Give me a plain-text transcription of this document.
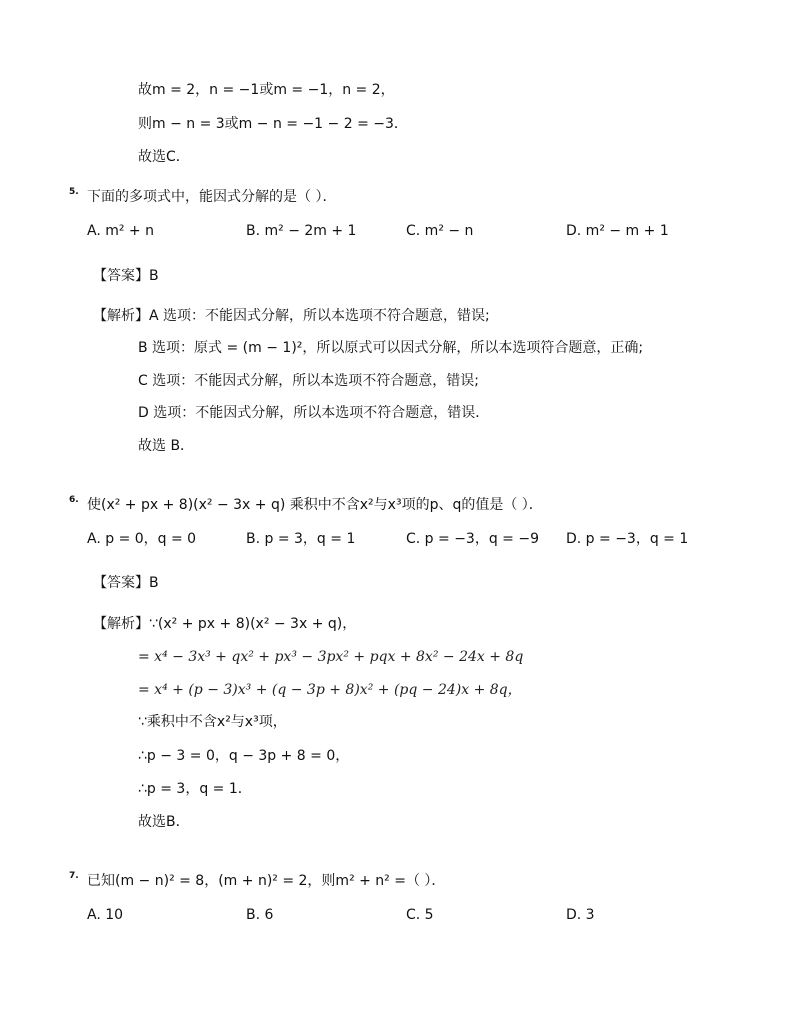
故m = 2，n = −1或m = −1，n = 2，
则m − n = 3或m − n = −1 − 2 = −3．
故选C．
5. 下面的多项式中，能因式分解的是（ ）．
A. m² + n	B. m² − 2m + 1	C. m² − n	D. m² − m + 1
【答案】B
【解析】A 选项：不能因式分解，所以本选项不符合题意，错误;
B 选项：原式 = (m − 1)²，所以原式可以因式分解，所以本选项符合题意，正确;
C 选项：不能因式分解，所以本选项不符合题意，错误;
D 选项：不能因式分解，所以本选项不符合题意，错误．
故选 B．
6. 使(x² + px + 8)(x² − 3x + q) 乘积中不含x²与x³项的p、q的值是（ ）．
A. p = 0，q = 0	B. p = 3，q = 1	C. p = −3，q = −9 D. p = −3，q = 1
【答案】B
【解析】∵(x² + px + 8)(x² − 3x + q)，
= x⁴ − 3x³ + qx² + px³ − 3px² + pqx + 8x² − 24x + 8q
= x⁴ + (p − 3)x³ + (q − 3p + 8)x² + (pq − 24)x + 8q，
∵乘积中不含x²与x³项，
∴p − 3 = 0，q − 3p + 8 = 0，
∴p = 3，q = 1．
故选B．
7. 已知(m − n)² = 8，(m + n)² = 2，则m² + n² =（ ）．
A. 10	B. 6	C. 5	D. 3
